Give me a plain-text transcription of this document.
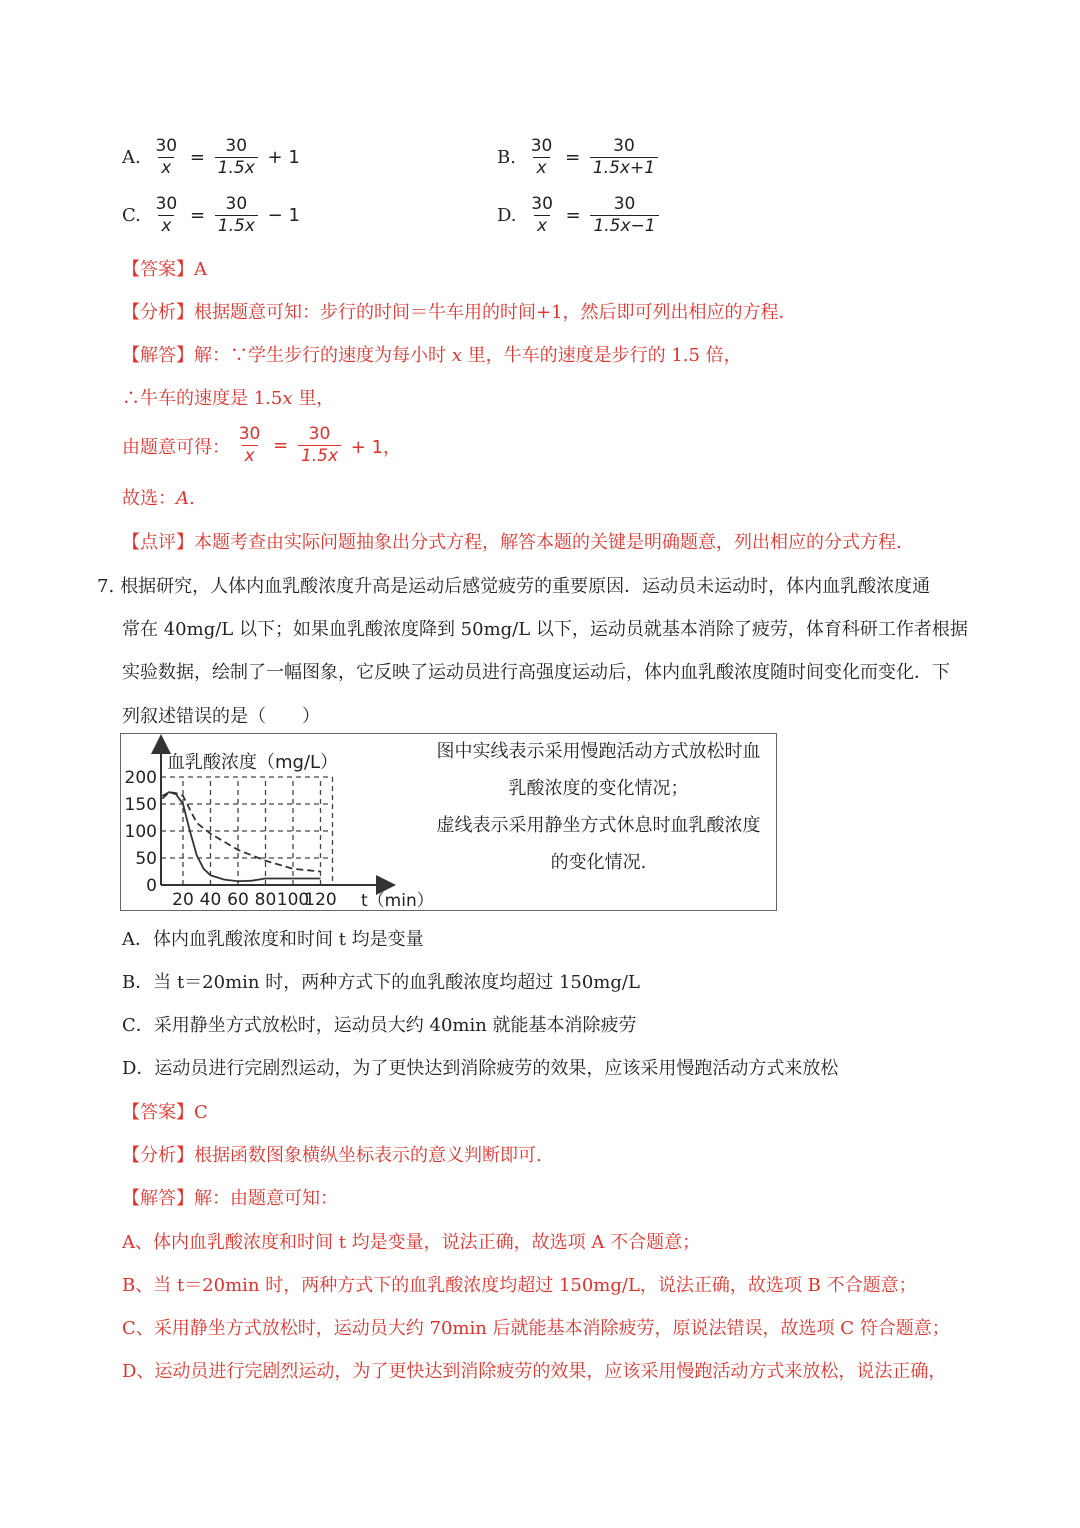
A. $\frac{30}{x} = \frac{30}{1.5x} + 1$	B. $\frac{30}{x} = \frac{30}{1.5x+1}$
C. $\frac{30}{x} = \frac{30}{1.5x} - 1$	D. $\frac{30}{x} = \frac{30}{1.5x-1}$
【答案】A
【分析】根据题意可知：步行的时间＝牛车用的时间+1，然后即可列出相应的方程.
【解答】解：∵学生步行的速度为每小时 x 里，牛车的速度是步行的 1.5 倍，
∴牛车的速度是 1.5x 里，
由题意可得： $\frac{30}{x} = \frac{30}{1.5x} + 1$，
故选：A.
【点评】本题考查由实际问题抽象出分式方程，解答本题的关键是明确题意，列出相应的分式方程.
7. 根据研究，人体内血乳酸浓度升高是运动后感觉疲劳的重要原因．运动员未运动时，体内血乳酸浓度通
常在 40mg/L 以下；如果血乳酸浓度降到 50mg/L 以下，运动员就基本消除了疲劳，体育科研工作者根据
实验数据，绘制了一幅图象，它反映了运动员进行高强度运动后，体内血乳酸浓度随时间变化而变化．下
列叙述错误的是（　　）
200
150
100
50
0
20 40 60 80 100
120
血乳酸浓度（mg/L）
t（min）
图中实线表示采用慢跑活动方式放松时血
乳酸浓度的变化情况；
虚线表示采用静坐方式休息时血乳酸浓度
的变化情况.
A．体内血乳酸浓度和时间 t 均是变量
B．当 t＝20min 时，两种方式下的血乳酸浓度均超过 150mg/L
C．采用静坐方式放松时，运动员大约 40min 就能基本消除疲劳
D．运动员进行完剧烈运动，为了更快达到消除疲劳的效果，应该采用慢跑活动方式来放松
【答案】C
【分析】根据函数图象横纵坐标表示的意义判断即可.
【解答】解：由题意可知：
A、体内血乳酸浓度和时间 t 均是变量，说法正确，故选项 A 不合题意；
B、当 t＝20min 时，两种方式下的血乳酸浓度均超过 150mg/L，说法正确，故选项 B 不合题意；
C、采用静坐方式放松时，运动员大约 70min 后就能基本消除疲劳，原说法错误，故选项 C 符合题意；
D、运动员进行完剧烈运动，为了更快达到消除疲劳的效果，应该采用慢跑活动方式来放松，说法正确，
